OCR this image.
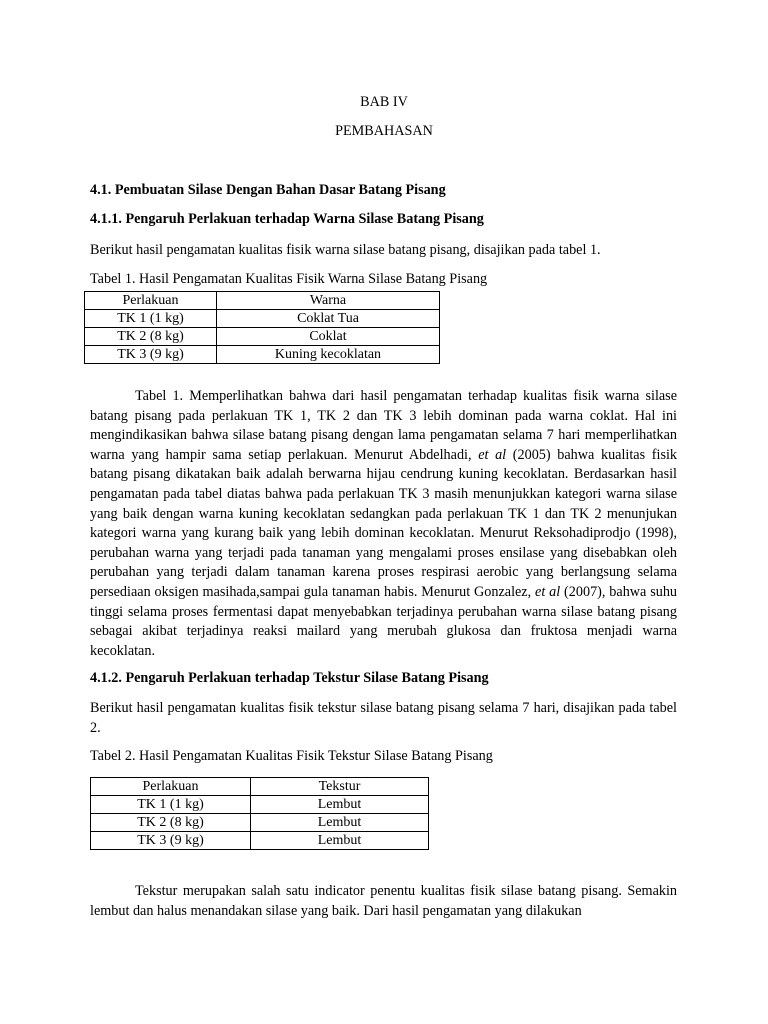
BAB IV
PEMBAHASAN
4.1. Pembuatan Silase Dengan Bahan Dasar Batang Pisang
4.1.1. Pengaruh Perlakuan terhadap Warna Silase Batang Pisang
Berikut hasil pengamatan kualitas fisik warna silase batang pisang, disajikan pada tabel 1.
Tabel 1. Hasil Pengamatan Kualitas Fisik Warna Silase Batang Pisang
Perlakuan	Warna
TK 1 (1 kg)	Coklat Tua
TK 2 (8 kg)	Coklat
TK 3 (9 kg)	Kuning kecoklatan
Tabel 1. Memperlihatkan bahwa dari hasil pengamatan terhadap kualitas fisik warna silase batang pisang pada perlakuan TK 1, TK 2 dan TK 3 lebih dominan pada warna coklat. Hal ini mengindikasikan bahwa silase batang pisang dengan lama pengamatan selama 7 hari memperlihatkan warna yang hampir sama setiap perlakuan. Menurut Abdelhadi, et al (2005) bahwa kualitas fisik batang pisang dikatakan baik adalah berwarna hijau cendrung kuning kecoklatan. Berdasarkan hasil pengamatan pada tabel diatas bahwa pada perlakuan TK 3 masih menunjukkan kategori warna silase yang baik dengan warna kuning kecoklatan sedangkan pada perlakuan TK 1 dan TK 2 menunjukan kategori warna yang kurang baik yang lebih dominan kecoklatan. Menurut Reksohadiprodjo (1998), perubahan warna yang terjadi pada tanaman yang mengalami proses ensilase yang disebabkan oleh perubahan yang terjadi dalam tanaman karena proses respirasi aerobic yang berlangsung selama persediaan oksigen masihada,sampai gula tanaman habis. Menurut Gonzalez, et al (2007), bahwa suhu tinggi selama proses fermentasi dapat menyebabkan terjadinya perubahan warna silase batang pisang sebagai akibat terjadinya reaksi mailard yang merubah glukosa dan fruktosa menjadi warna kecoklatan.
4.1.2. Pengaruh Perlakuan terhadap Tekstur Silase Batang Pisang
Berikut hasil pengamatan kualitas fisik tekstur silase batang pisang selama 7 hari, disajikan pada tabel 2.
Tabel 2. Hasil Pengamatan Kualitas Fisik Tekstur Silase Batang Pisang
Perlakuan	Tekstur
TK 1 (1 kg)	Lembut
TK 2 (8 kg)	Lembut
TK 3 (9 kg)	Lembut
Tekstur merupakan salah satu indicator penentu kualitas fisik silase batang pisang. Semakin lembut dan halus menandakan silase yang baik. Dari hasil pengamatan yang dilakukan
